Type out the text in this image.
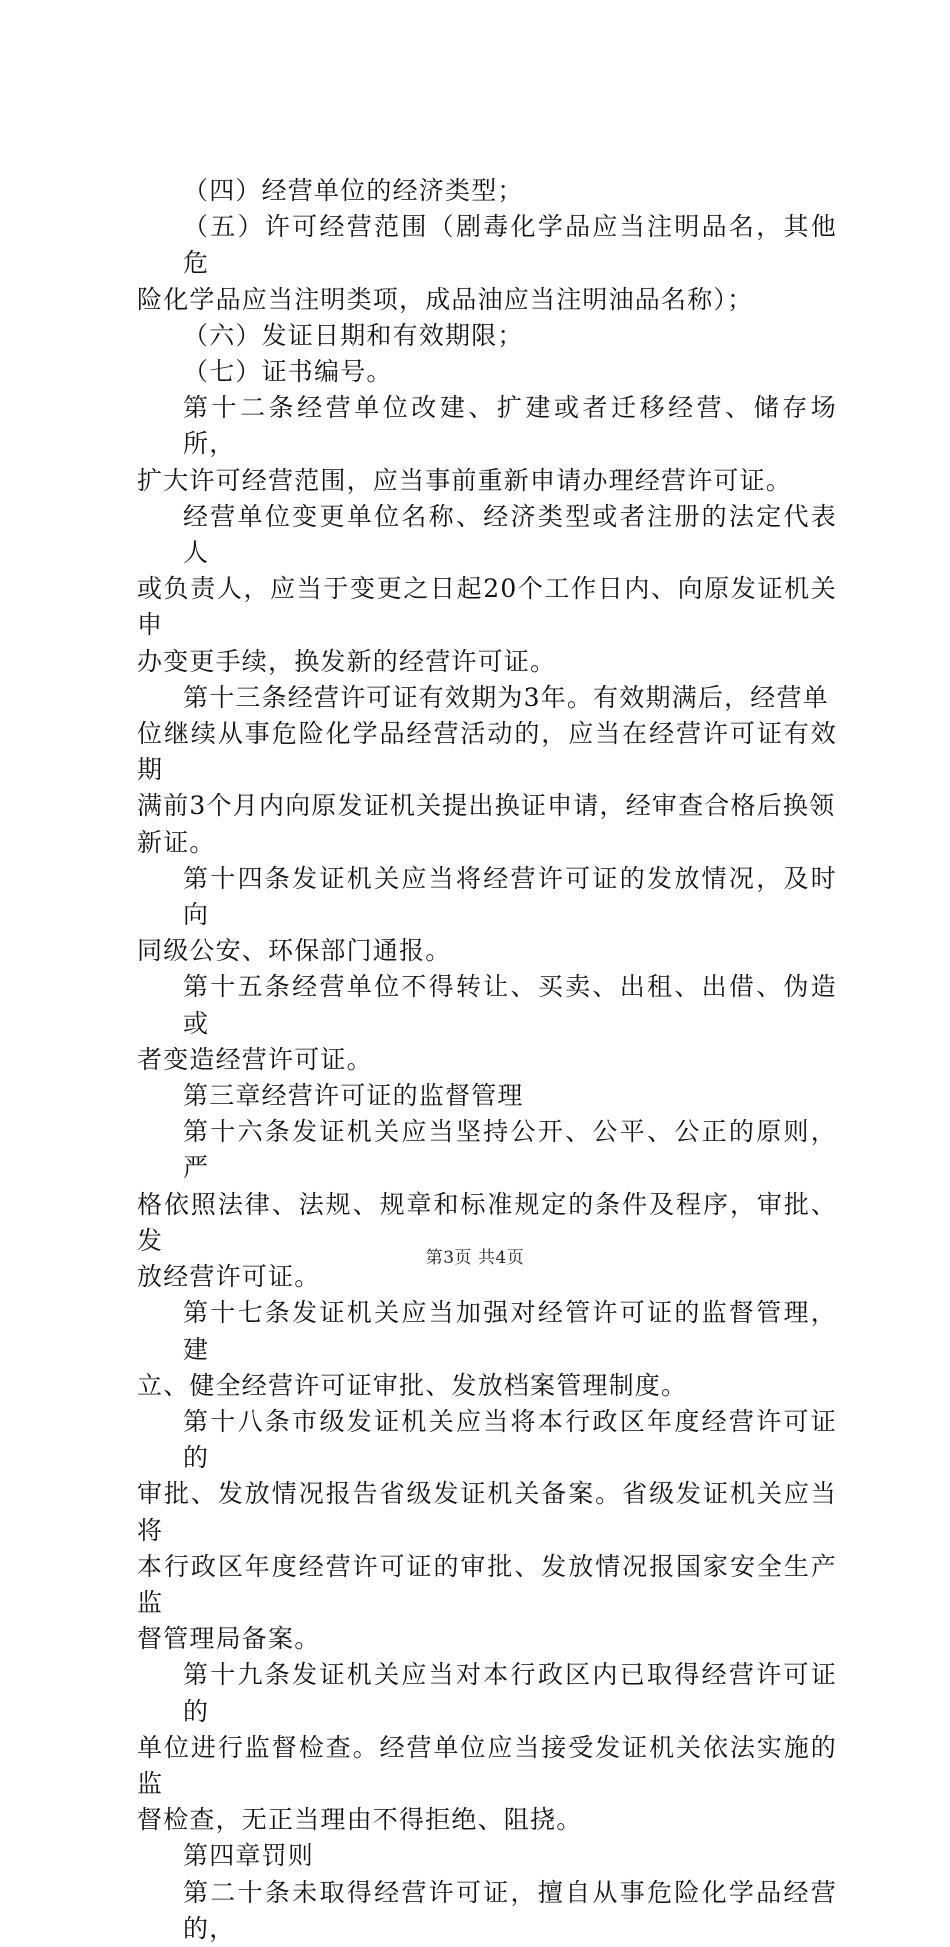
（四）经营单位的经济类型；

（五）许可经营范围（剧毒化学品应当注明品名，其他危
险化学品应当注明类项，成品油应当注明油品名称）；

（六）发证日期和有效期限；

（七）证书编号。

第十二条经营单位改建、扩建或者迁移经营、储存场所，
扩大许可经营范围，应当事前重新申请办理经营许可证。

经营单位变更单位名称、经济类型或者注册的法定代表人
或负责人，应当于变更之日起20个工作日内、向原发证机关申
办变更手续，换发新的经营许可证。

第十三条经营许可证有效期为3年。有效期满后，经营单
位继续从事危险化学品经营活动的，应当在经营许可证有效期
满前3个月内向原发证机关提出换证申请，经审查合格后换领
新证。

第十四条发证机关应当将经营许可证的发放情况，及时向
同级公安、环保部门通报。

第十五条经营单位不得转让、买卖、出租、出借、伪造或
者变造经营许可证。

第三章经营许可证的监督管理

第十六条发证机关应当坚持公开、公平、公正的原则，严
格依照法律、法规、规章和标准规定的条件及程序，审批、发
放经营许可证。

第十七条发证机关应当加强对经管许可证的监督管理，建
立、健全经营许可证审批、发放档案管理制度。

第十八条市级发证机关应当将本行政区年度经营许可证的
审批、发放情况报告省级发证机关备案。省级发证机关应当将
本行政区年度经营许可证的审批、发放情况报国家安全生产监
督管理局备案。

第十九条发证机关应当对本行政区内已取得经营许可证的
单位进行监督检查。经营单位应当接受发证机关依法实施的监
督检查，无正当理由不得拒绝、阻挠。

第四章罚则

第二十条未取得经营许可证，擅自从事危险化学品经营的，

第3页 共4页
